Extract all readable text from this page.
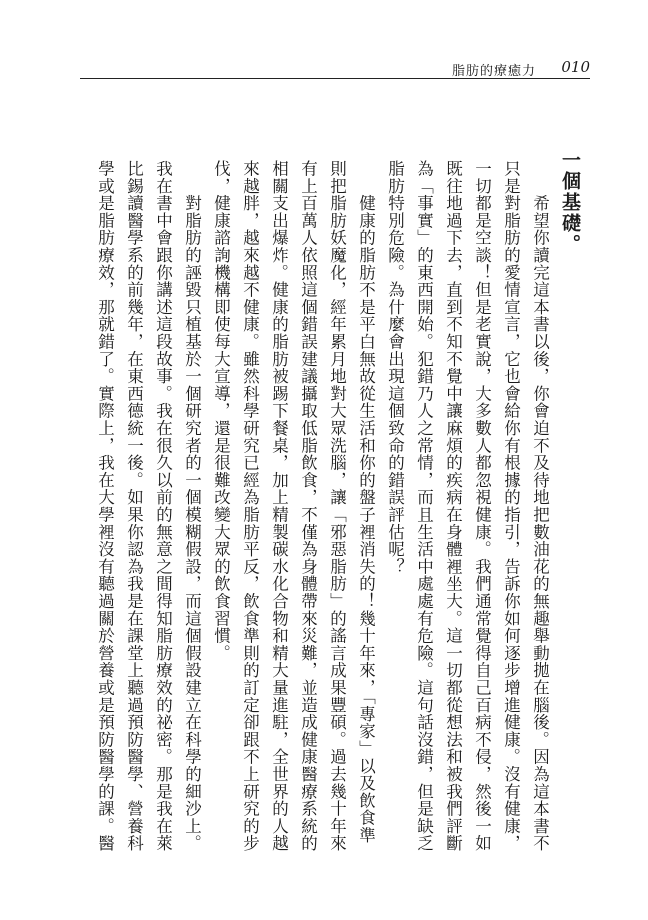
脂肪的療癒力 010
一個基礎。
　　希望你讀完這本書以後，你會迫不及待地把數油花的無趣舉動拋在腦後。因為這本書不
只是對脂肪的愛情宣言，它也會給你有根據的指引，告訴你如何逐步增進健康。沒有健康，
一切都是空談！但是老實說，大多數人都忽視健康。我們通常覺得自己百病不侵，然後一如
既往地過下去，直到不知不覺中讓麻煩的疾病在身體裡坐大。這一切都從想法和被我們評斷
為「事實」的東西開始。犯錯乃人之常情，而且生活中處處有危險。這句話沒錯，但是缺乏
脂肪特別危險。為什麼會出現這個致命的錯誤評估呢？
　　健康的脂肪不是平白無故從生活和你的盤子裡消失的！幾十年來，「專家」以及飲食準
則把脂肪妖魔化，經年累月地對大眾洗腦，讓「邪惡脂肪」的謠言成果豐碩。過去幾十年來
有上百萬人依照這個錯誤建議攝取低脂飲食，不僅為身體帶來災難，並造成健康醫療系統的
相關支出爆炸。健康的脂肪被踢下餐桌，加上精製碳水化合物和精大量進駐，全世界的人越
來越胖，越來越不健康。雖然科學研究已經為脂肪平反，飲食準則的訂定卻跟不上研究的步
伐，健康諮詢機構即使每大宣導，還是很難改變大眾的飲食習慣。
　　對脂肪的誣毀只植基於一個研究者的一個模糊假設，而這個假設建立在科學的細沙上。
我在書中會跟你講述這段故事。我在很久以前的無意之間得知脂肪療效的祕密。那是我在萊
比錫讀醫學系的前幾年，在東西德統一後。如果你認為我是在課堂上聽過預防醫學、營養科
學或是脂肪療效，那就錯了。實際上，我在大學裡沒有聽過關於營養或是預防醫學的課。醫
